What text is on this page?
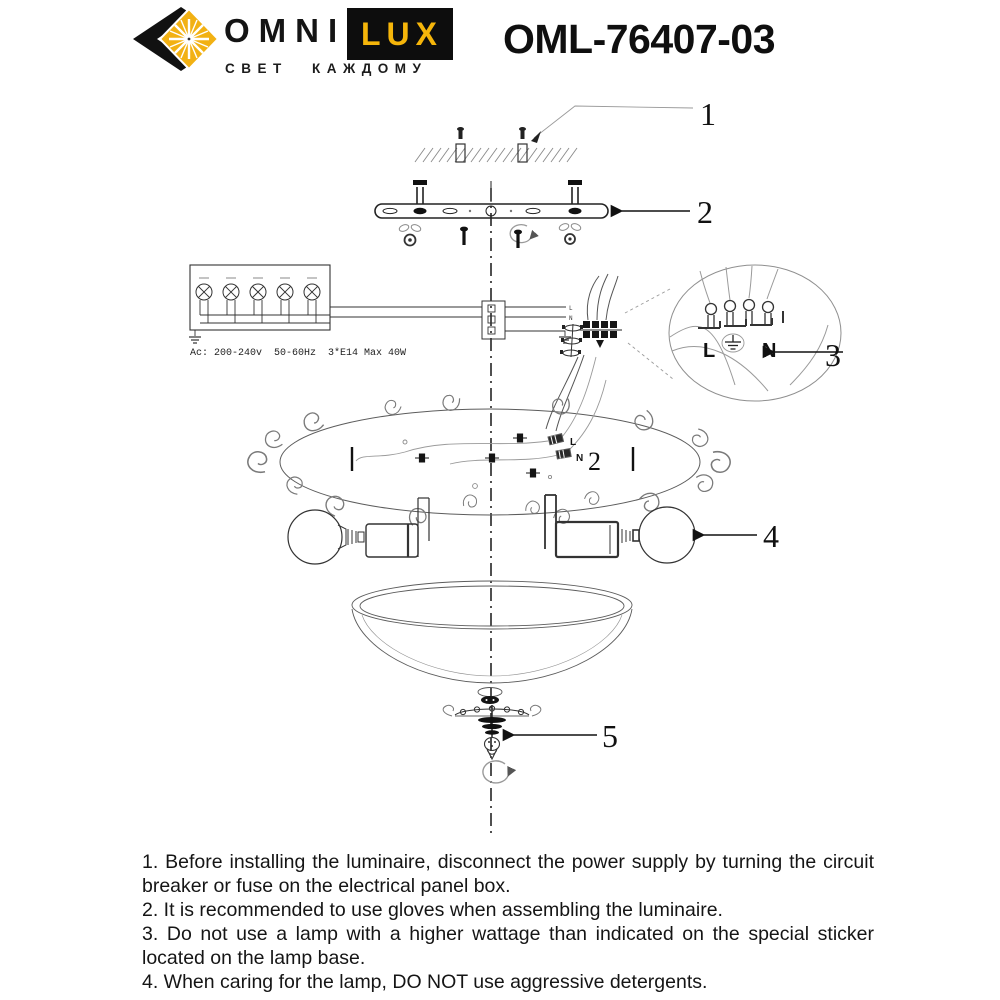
OMNI LUX
СВЕТ КАЖДОМУ
OML-76407-03
1
2
L
N
Ac: 200-240v  50-60Hz  3*E14 Max 40W	L N 3
L
N 2
4
5

1. Before installing the luminaire, disconnect the power supply by turning the circuit breaker or fuse on the electrical panel box.

2. It is recommended to use gloves when assembling the luminaire.

3. Do not use a lamp with a higher wattage than indicated on the special sticker located on the lamp base.

4. When caring for the lamp, DO NOT use aggressive detergents.
